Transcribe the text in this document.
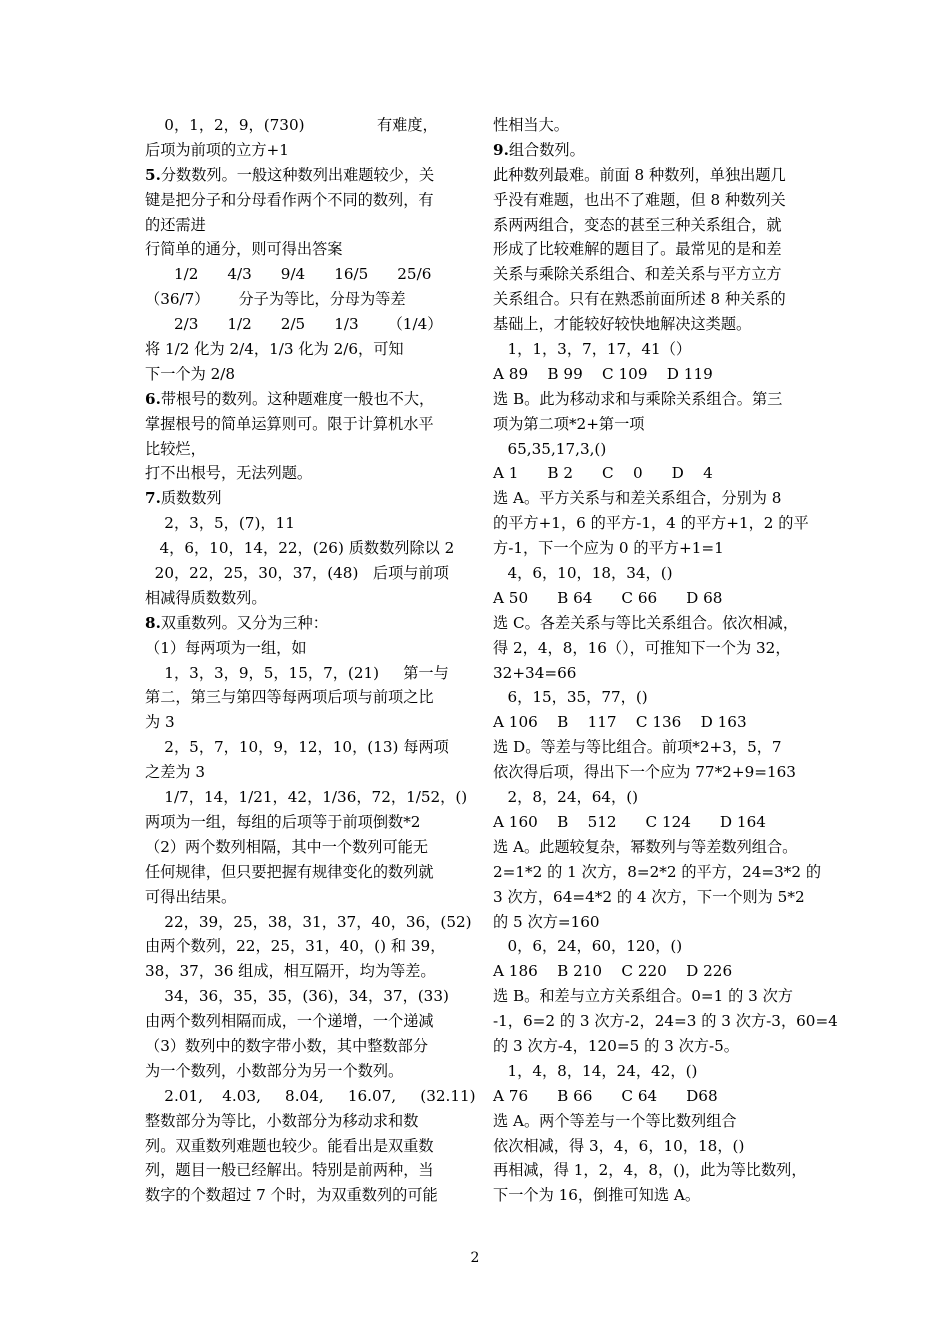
0，1，2，9，(730)               有难度，
后项为前项的立方+1
5.分数数列。一般这种数列出难题较少，关
键是把分子和分母看作两个不同的数列，有
的还需进
行简单的通分，则可得出答案
1/2      4/3      9/4      16/5      25/6
（36/7）      分子为等比，分母为等差
2/3      1/2      2/5      1/3      （1/4）
将 1/2 化为 2/4，1/3 化为 2/6，可知
下一个为 2/8
6.带根号的数列。这种题难度一般也不大，
掌握根号的简单运算则可。限于计算机水平
比较烂，
打不出根号，无法列题。
7.质数数列
2，3，5，(7)，11
4，6，10，14，22，(26) 质数数列除以 2
20，22，25，30，37，(48)   后项与前项
相减得质数数列。
8.双重数列。又分为三种：
（1）每两项为一组，如
1，3，3，9，5，15，7，(21)     第一与
第二，第三与第四等每两项后项与前项之比
为 3
2，5，7，10，9，12，10，(13) 每两项
之差为 3
1/7，14，1/21，42，1/36，72，1/52，()
两项为一组，每组的后项等于前项倒数*2
（2）两个数列相隔，其中一个数列可能无
任何规律，但只要把握有规律变化的数列就
可得出结果。
22，39，25，38，31，37，40，36，(52)
由两个数列，22，25，31，40，() 和 39，
38，37，36 组成，相互隔开，均为等差。
34，36，35，35，(36)，34，37，(33)
由两个数列相隔而成，一个递增，一个递减
（3）数列中的数字带小数，其中整数部分
为一个数列，小数部分为另一个数列。
2.01,    4.03,     8.04,     16.07,     (32.11)
整数部分为等比，小数部分为移动求和数
列。双重数列难题也较少。能看出是双重数
列，题目一般已经解出。特别是前两种，当
数字的个数超过 7 个时，为双重数列的可能
性相当大。
9.组合数列。
此种数列最难。前面 8 种数列，单独出题几
乎没有难题，也出不了难题，但 8 种数列关
系两两组合，变态的甚至三种关系组合，就
形成了比较难解的题目了。最常见的是和差
关系与乘除关系组合、和差关系与平方立方
关系组合。只有在熟悉前面所述 8 种关系的
基础上，才能较好较快地解决这类题。
1，1，3，7，17，41（）
A 89    B 99    C 109    D 119
选 B。此为移动求和与乘除关系组合。第三
项为第二项*2+第一项
65,35,17,3,()
A 1      B 2      C    0      D    4
选 A。平方关系与和差关系组合，分别为 8
的平方+1，6 的平方-1，4 的平方+1，2 的平
方-1，下一个应为 0 的平方+1=1
4，6，10，18，34，()
A 50      B 64      C 66      D 68
选 C。各差关系与等比关系组合。依次相减，
得 2，4，8，16（），可推知下一个为 32，
32+34=66
6，15，35，77，()
A 106    B    117    C 136    D 163
选 D。等差与等比组合。前项*2+3，5，7
依次得后项，得出下一个应为 77*2+9=163
2，8，24，64，()
A 160    B    512      C 124      D 164
选 A。此题较复杂，幂数列与等差数列组合。
2=1*2 的 1 次方，8=2*2 的平方，24=3*2 的
3 次方，64=4*2 的 4 次方，下一个则为 5*2
的 5 次方=160
0，6，24，60，120，()
A 186    B 210    C 220    D 226
选 B。和差与立方关系组合。0=1 的 3 次方
-1，6=2 的 3 次方-2，24=3 的 3 次方-3，60=4
的 3 次方-4，120=5 的 3 次方-5。
1，4，8，14，24，42，()
A 76      B 66      C 64      D68
选 A。两个等差与一个等比数列组合
依次相减，得 3，4，6，10，18，()
再相减，得 1，2，4，8，()，此为等比数列，
下一个为 16，倒推可知选 A。
2
